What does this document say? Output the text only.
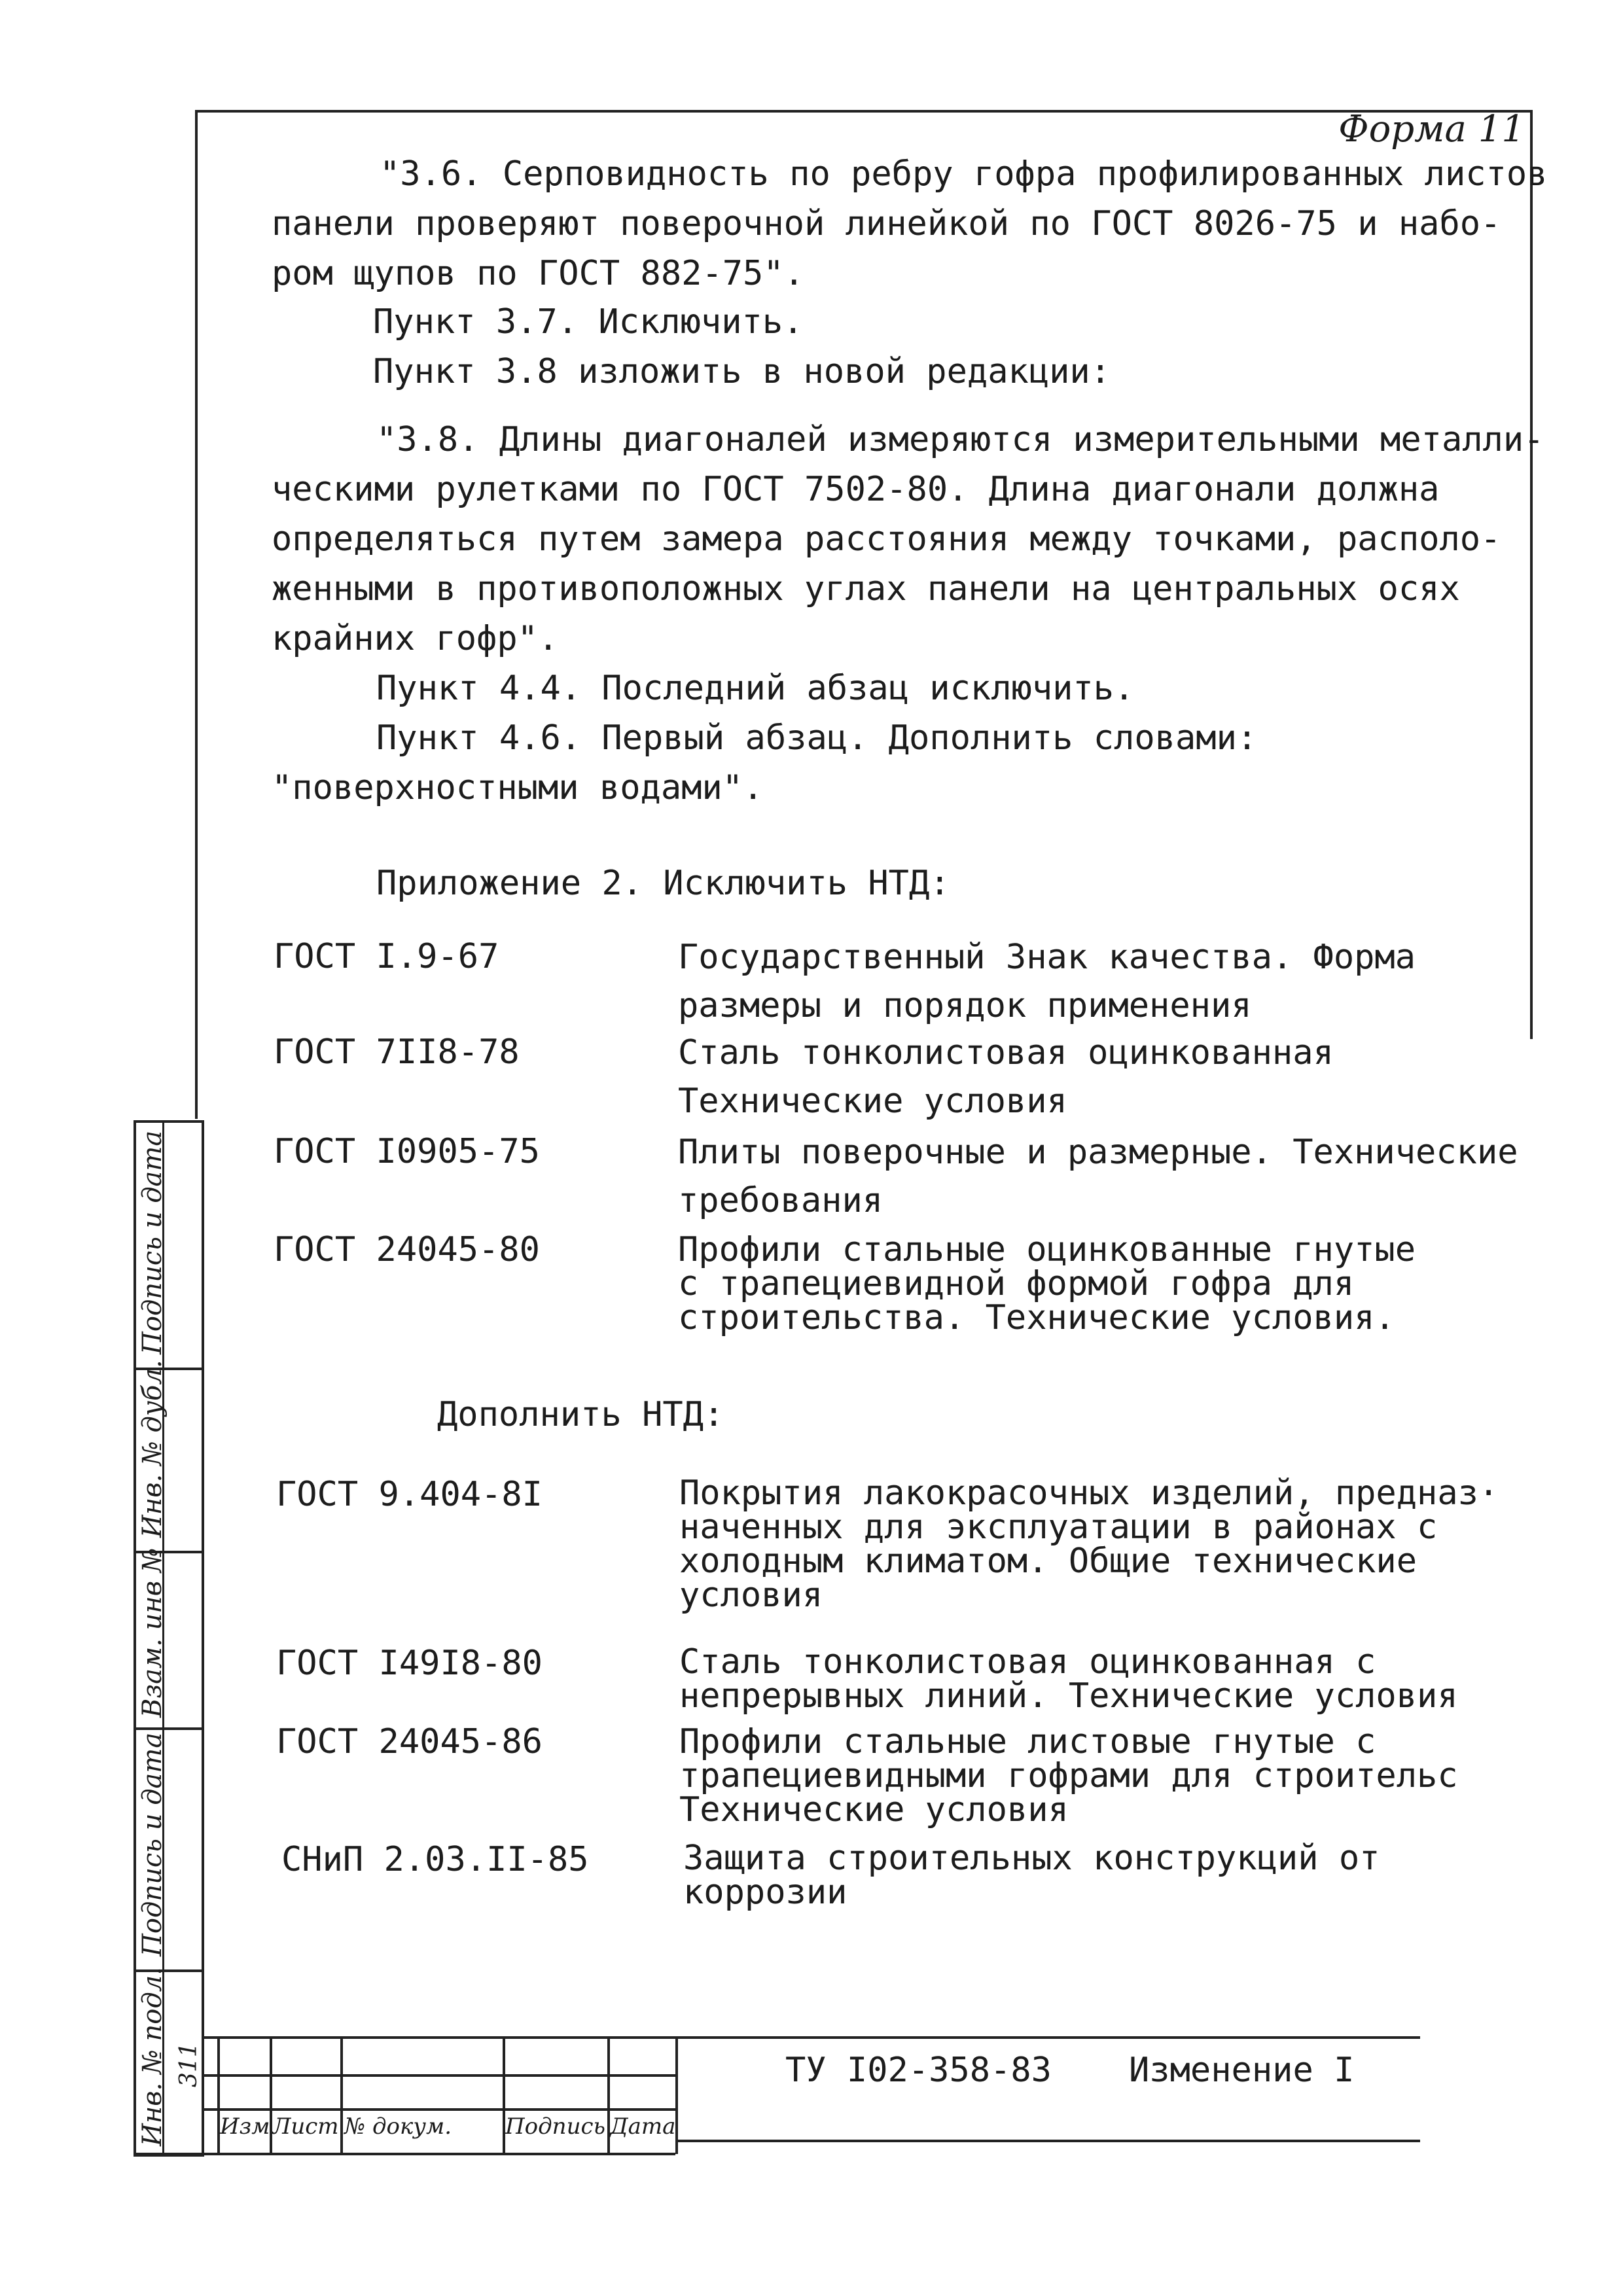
Форма 11
"3.6. Серповидность по ребру гофра профилированных листов
панели проверяют поверочной линейкой по ГОСТ 8026-75 и набо-
ром щупов по ГОСТ 882-75".
Пункт 3.7. Исключить.
Пункт 3.8 изложить в новой редакции:
"3.8. Длины диагоналей измеряются измерительными металли-
ческими рулетками по ГОСТ 7502-80. Длина диагонали должна
определяться путем замера расстояния между точками, располо-
женными в противоположных углах панели на центральных осях
крайних гофр".
Пункт 4.4. Последний абзац исключить.
Пункт 4.6. Первый абзац. Дополнить словами:
"поверхностными водами".
Приложение 2. Исключить НТД:
ГОСТ I.9-67	Государственный Знак качества. Форма
размеры и порядок применения
ГОСТ 7II8-78	Сталь тонколистовая оцинкованная
Технические условия
ГОСТ I0905-75	Плиты поверочные и размерные. Технические
требования
ГОСТ 24045-80	Профили стальные оцинкованные гнутые
с трапециевидной формой гофра для
строительства. Технические условия.
Дополнить НТД:
ГОСТ 9.404-8I	Покрытия лакокрасочных изделий, предназ·
наченных для эксплуатации в районах с
холодным климатом. Общие технические
условия
ГОСТ I49I8-80	Сталь тонколистовая оцинкованная с
непрерывных линий. Технические условия
ГОСТ 24045-86	Профили стальные листовые гнутые с
трапециевидными гофрами для строительс
Технические условия
СНиП 2.03.II-85	Защита строительных конструкций от
коррозии
Подпись и дата
Инв. № дубл.
Взам. инв №
Подпись и дата
Инв. № подл. 311
Изм Лист № докум. Подпись Дата
ТУ I02-358-83 Изменение I
